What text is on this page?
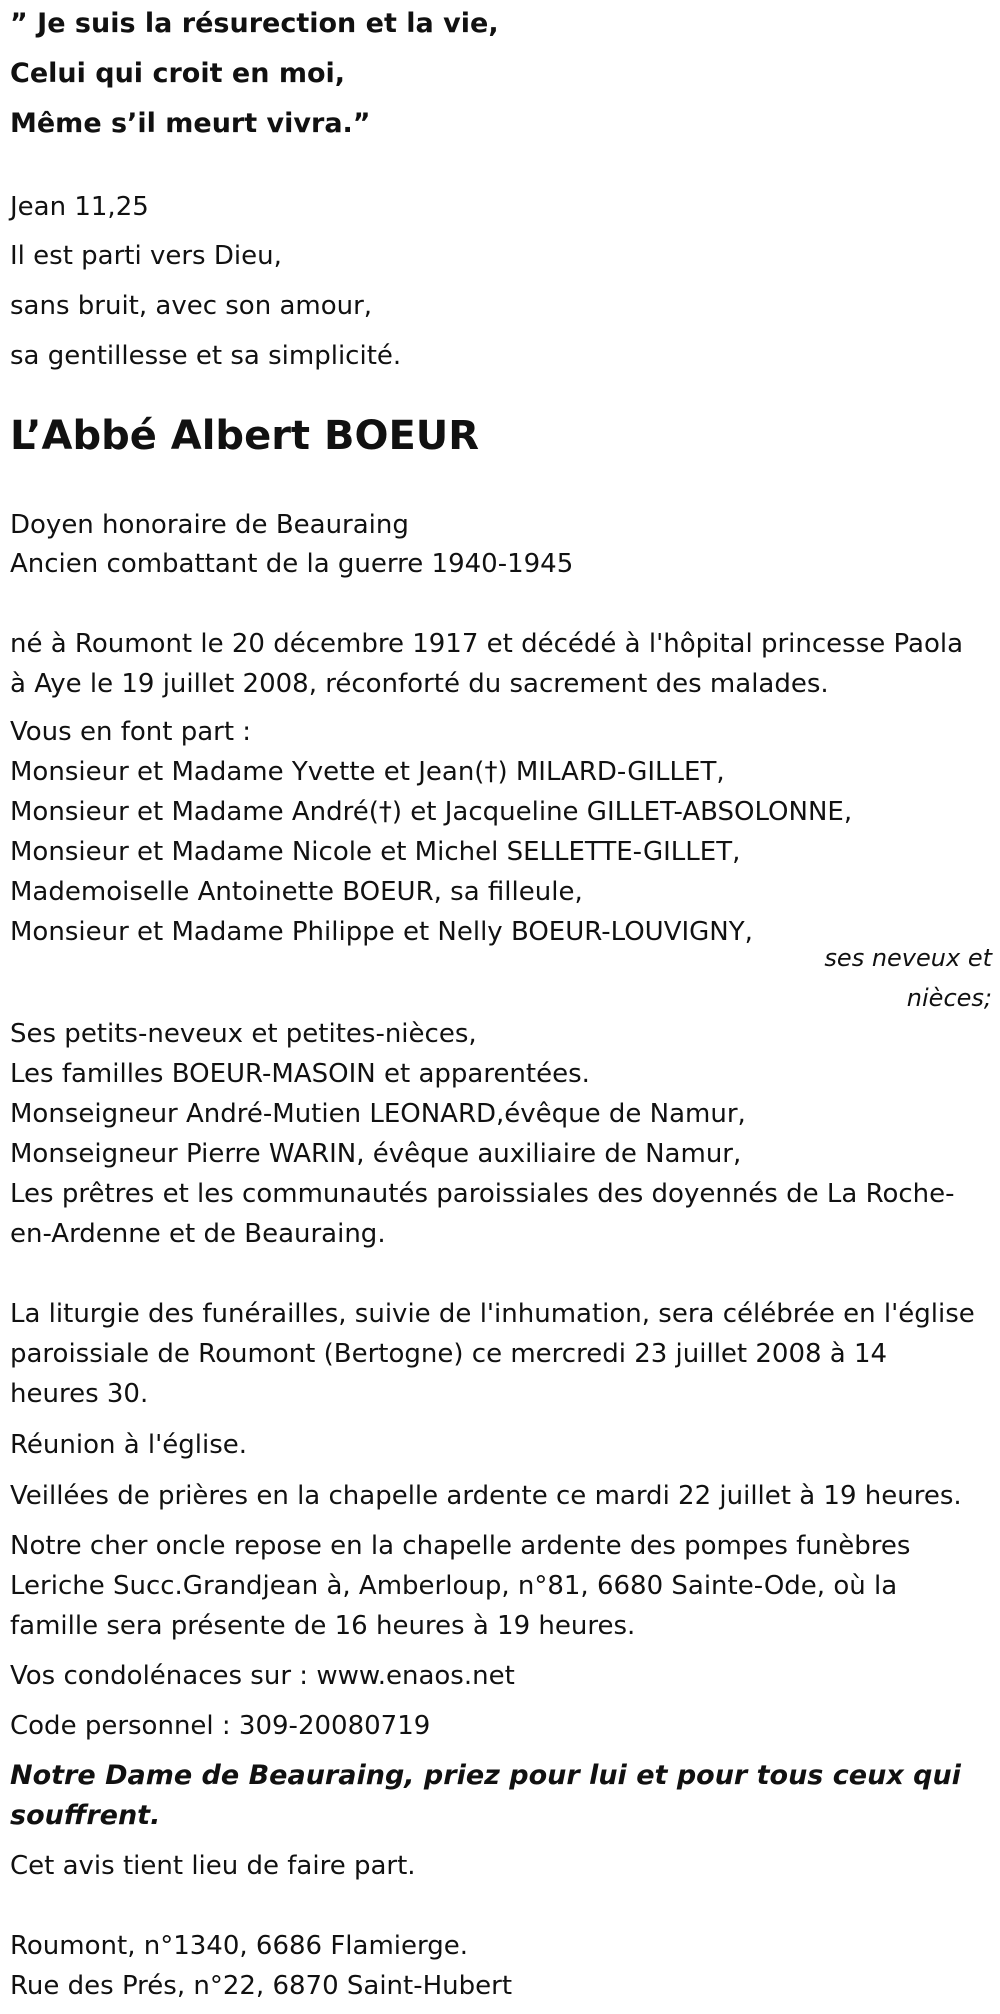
” Je suis la résurection et la vie,
Celui qui croit en moi,
Même s’il meurt vivra.”
Jean 11,25
Il est parti vers Dieu,
sans bruit, avec son amour,
sa gentillesse et sa simplicité.
L’Abbé Albert BOEUR
Doyen honoraire de Beauraing
Ancien combattant de la guerre 1940-1945
né à Roumont le 20 décembre 1917 et décédé à l'hôpital princesse Paola
à Aye le 19 juillet 2008, réconforté du sacrement des malades.
Vous en font part :
Monsieur et Madame Yvette et Jean(†) MILARD-GILLET,
Monsieur et Madame André(†) et Jacqueline GILLET-ABSOLONNE,
Monsieur et Madame Nicole et Michel SELLETTE-GILLET,
Mademoiselle Antoinette BOEUR, sa filleule,
Monsieur et Madame Philippe et Nelly BOEUR-LOUVIGNY,
ses neveux et
nièces;
Ses petits-neveux et petites-nièces,
Les familles BOEUR-MASOIN et apparentées.
Monseigneur André-Mutien LEONARD,évêque de Namur,
Monseigneur Pierre WARIN, évêque auxiliaire de Namur,
Les prêtres et les communautés paroissiales des doyennés de La Roche-
en-Ardenne et de Beauraing.
La liturgie des funérailles, suivie de l'inhumation, sera célébrée en l'église
paroissiale de Roumont (Bertogne) ce mercredi 23 juillet 2008 à 14
heures 30.
Réunion à l'église.
Veillées de prières en la chapelle ardente ce mardi 22 juillet à 19 heures.
Notre cher oncle repose en la chapelle ardente des pompes funèbres
Leriche Succ.Grandjean à, Amberloup, n°81, 6680 Sainte-Ode, où la
famille sera présente de 16 heures à 19 heures.
Vos condolénaces sur : www.enaos.net
Code personnel : 309-20080719
Notre Dame de Beauraing, priez pour lui et pour tous ceux qui
souffrent.
Cet avis tient lieu de faire part.
Roumont, n°1340, 6686 Flamierge.
Rue des Prés, n°22, 6870 Saint-Hubert
